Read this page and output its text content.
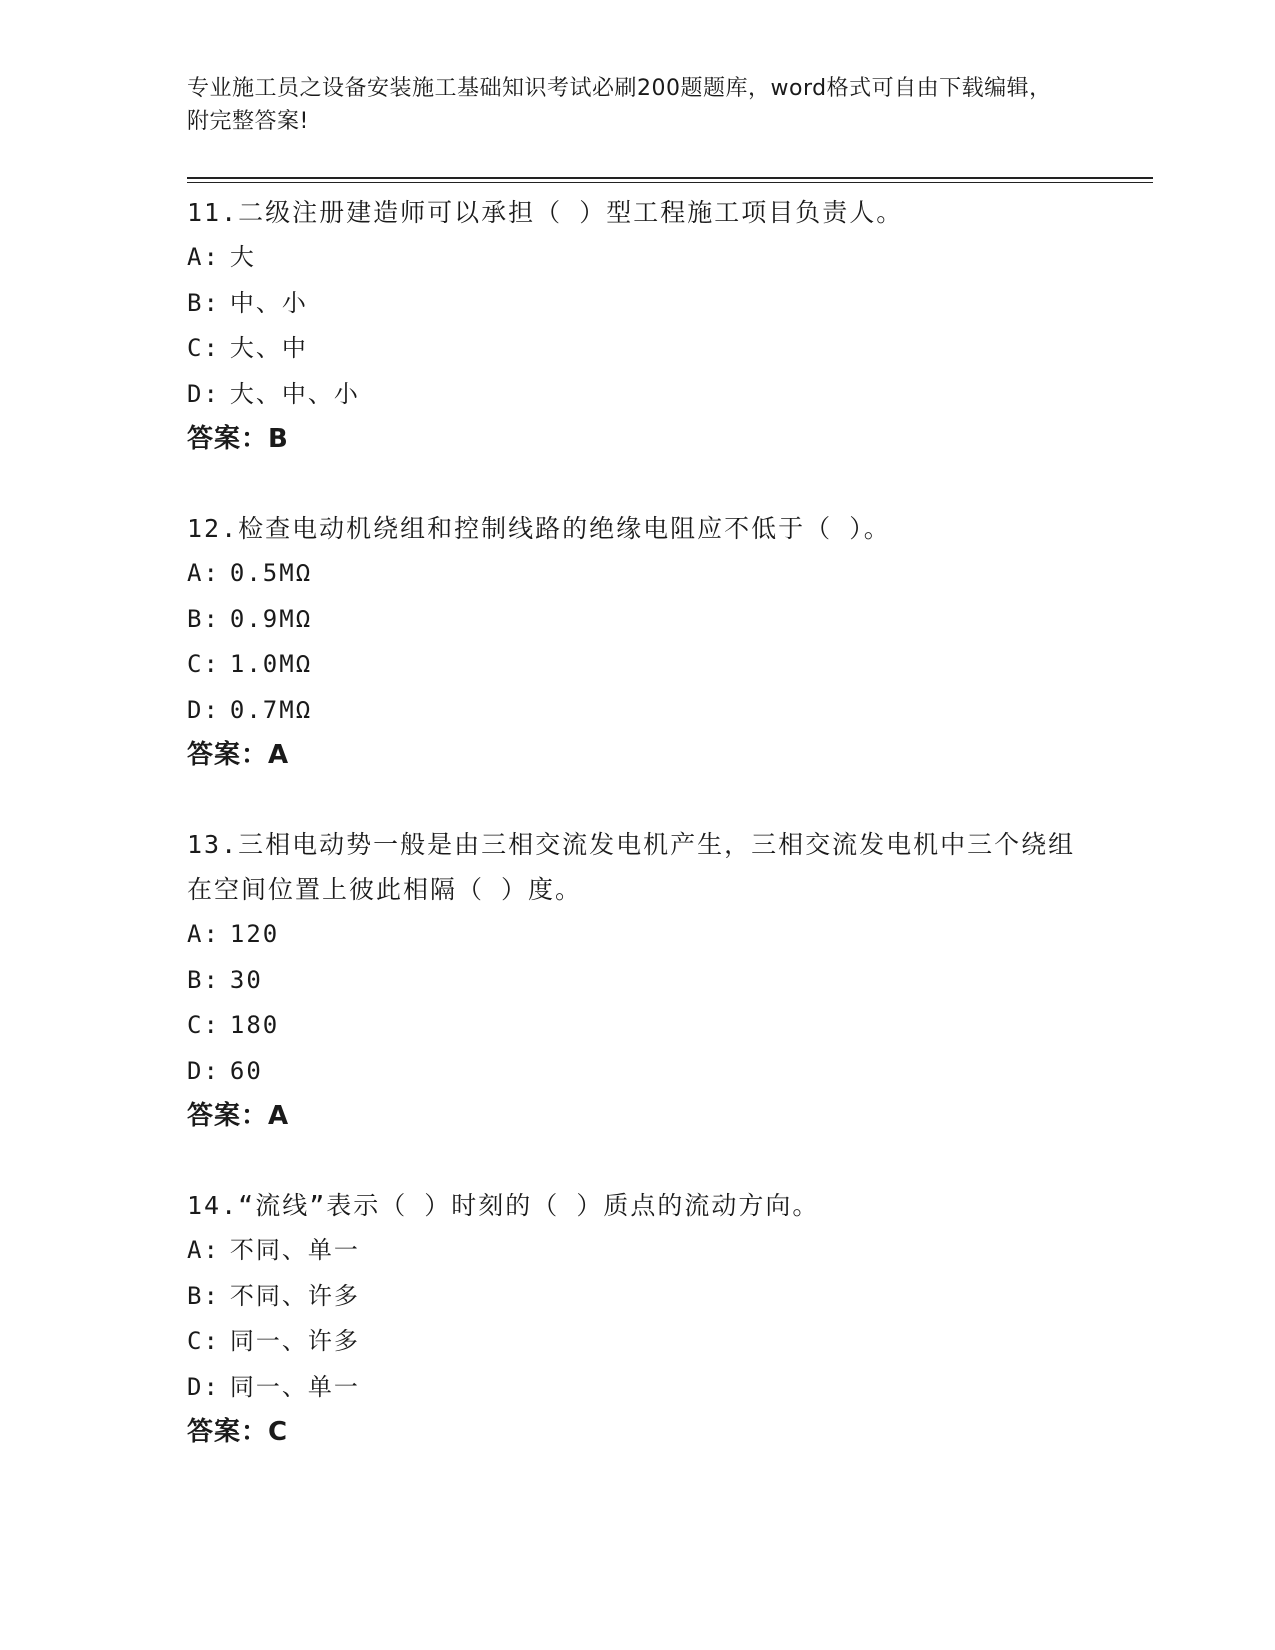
专业施工员之设备安装施工基础知识考试必刷200题题库，word格式可自由下载编辑，附完整答案!

11.二级注册建造师可以承担（ ）型工程施工项目负责人。

A : 大

B : 中、小

C : 大、中

D : 大、中、小

答案：B

12.检查电动机绕组和控制线路的绝缘电阻应不低于（ ）。

A : 0.5MΩ

B : 0.9MΩ

C : 1.0MΩ

D : 0.7MΩ

答案：A

13.三相电动势一般是由三相交流发电机产生，三相交流发电机中三个绕组在空间位置上彼此相隔（ ）度。

A : 120

B : 30

C : 180

D : 60

答案：A

14.“流线”表示（ ）时刻的（ ）质点的流动方向。

A : 不同、单一

B : 不同、许多

C : 同一、许多

D : 同一、单一

答案：C
